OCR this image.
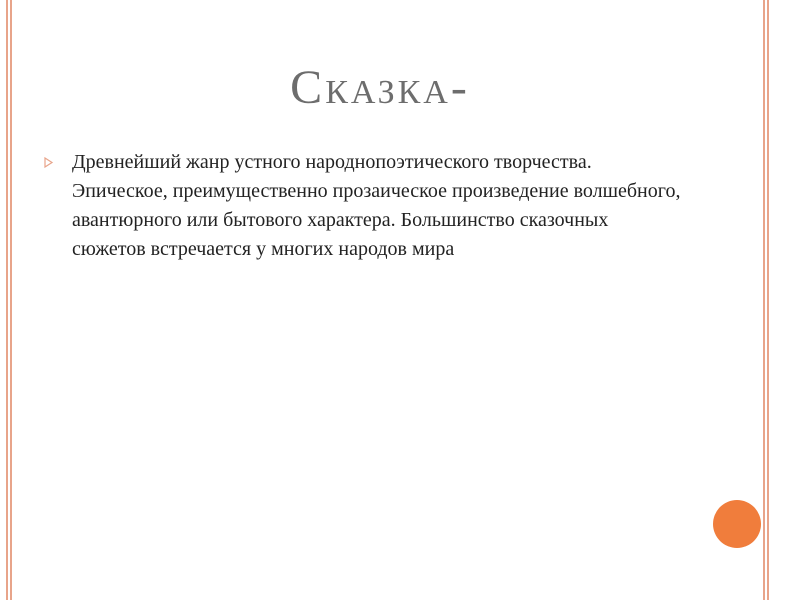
Сказка-
Древнейший жанр устного народнопоэтического творчества. Эпическое, преимущественно прозаическое произведение волшебного, авантюрного или бытового характера. Большинство сказочных сюжетов встречается у многих народов мира
